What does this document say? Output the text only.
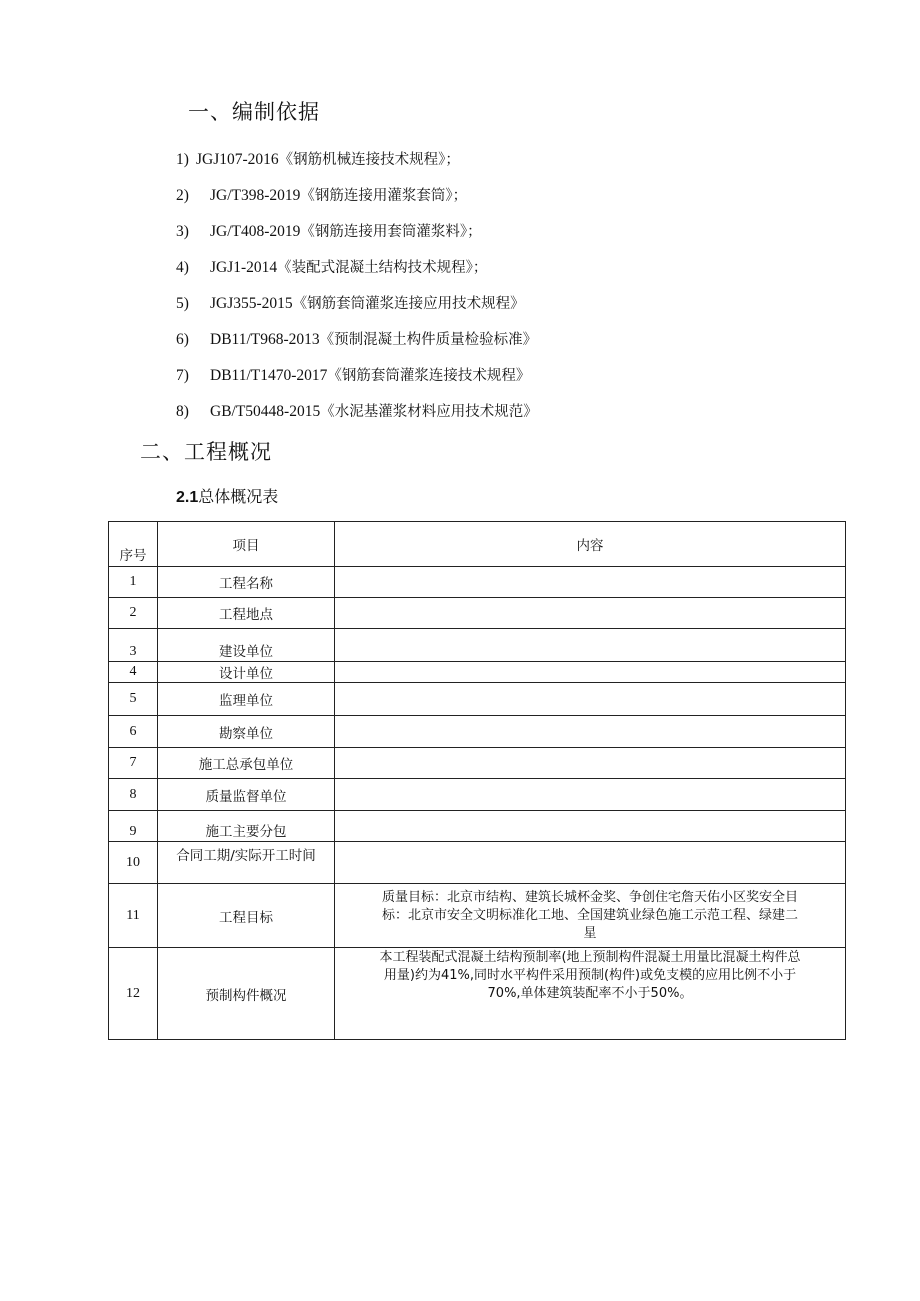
一、编制依据
1) JGJ107-2016《钢筋机械连接技术规程》；
2) JG/T398-2019《钢筋连接用灌浆套筒》；
3) JG/T408-2019《钢筋连接用套筒灌浆料》；
4) JGJ1-2014《装配式混凝土结构技术规程》；
5) JGJ355-2015《钢筋套筒灌浆连接应用技术规程》
6) DB11/T968-2013《预制混凝土构件质量检验标准》
7) DB11/T1470-2017《钢筋套筒灌浆连接技术规程》
8) GB/T50448-2015《水泥基灌浆材料应用技术规范》
二、工程概况
2.1总体概况表
序号	项目	内容
1	工程名称	
2	工程地点	
3	建设单位	
4	设计单位	
5	监理单位	
6	勘察单位	
7	施工总承包单位	
8	质量监督单位	
9	施工主要分包	
10	合同工期/实际开工时间	
11	工程目标	质量目标：北京市结构、建筑长城杯金奖、争创住宅詹天佑小区奖安全目
标：北京市安全文明标准化工地、全国建筑业绿色施工示范工程、绿建二
星

12	预制构件概况	本工程装配式混凝土结构预制率(地上预制构件混凝土用量比混凝土构件总
用量)约为41%,同时水平构件采用预制(构件)或免支模的应用比例不小于
70%,单体建筑装配率不小于50%。
